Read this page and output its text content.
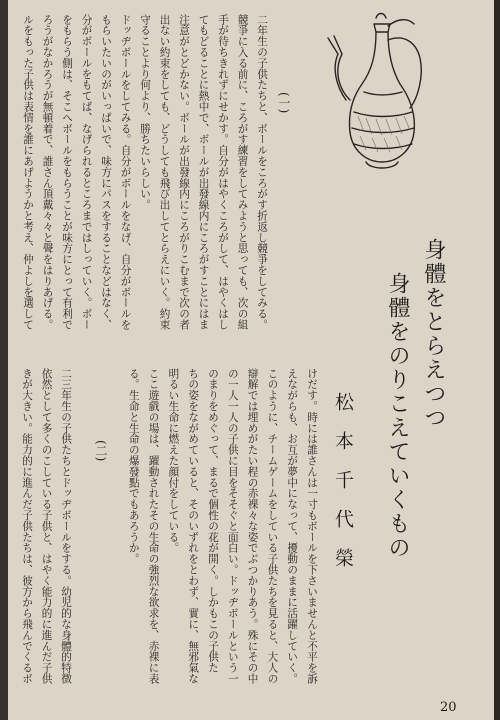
(一)
二年生の子供たちと、ボールをころがす折返し競爭をしてみる。
競爭に入る前に、ころがす練習をしてみようと思っても、次の組
手が待ちきれずにせかす。自分がはやくころがして、はやくはし
てもどることに熱中で、ボールが出發線内にころがすことにはま
注意がとどかない。ボールが出發線内にころがりこむまで次の者
出ない約束をしても、どうしても飛び出してとらえにいく。約束
守ることより何より、勝ちたいらしい。
ドッヂボールをしてみる。自分がボールをなげ、自分がボールを
もらいたいのがいっぱいで、味方にパスをすることなどはなく、
分がボールをもてば、なげられるところまではしっていく。ボー
をもらう側は、そこへボールをもらうことが味方にとって有利で
ろうがなかろうが無頓着で、誰さん頂戴々々と聲をはりあげる。
ルをもった子供は表情を誰にあげようかと考え、仲よしを選して
(二)
二三年生の子供たちとドッヂボールをする。幼児的な身體的特徴
依然として多くのこしている子供と、はやく能力的に進んだ子供
きが大きい。能力的に進んだ子供たちは、彼方から飛んでくるボ	けだす。時には誰さんは一寸もボールを下さいませんと不平を訴
えながらも、お互が夢中になって、擾動のままに活躍していく。
このように、チームゲームをしている子供たちを見ると、大人の
辯解では埋めがたい程の赤裸々な姿でぶつかりあう。殊にその中
の一人一人の子供に目をそそぐと面白い。ドッヂボールという一
のまりをめぐって、まるで個性の花が開く。しかもこの子供た
ちの姿をながめていると、そのいずれをとわず、實に、無邪氣な
明るい生命に燃えた顔付をしている。
ここ遊戲の場は、躍動されたその生命の強烈な欲求を、赤裸に表
る。生命と生命の爆發點でもあろうか。
身體をとらえつつ
身體をのりこえていくもの
松本千代榮
20
